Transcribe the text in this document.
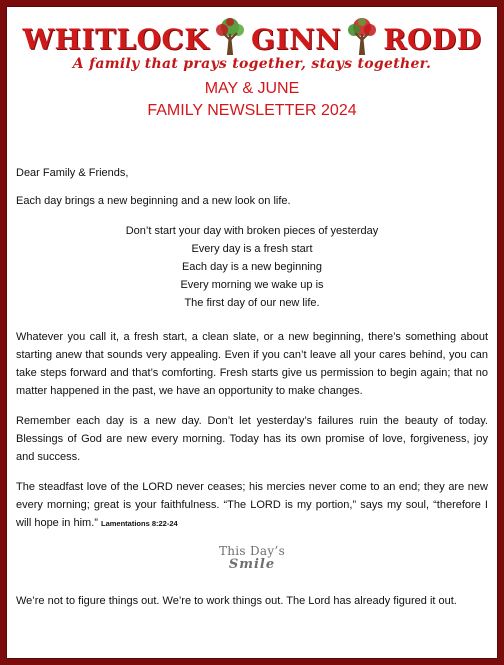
WHITLOCK GINN RODD
A family that prays together, stays together.
MAY & JUNE
FAMILY NEWSLETTER 2024

Dear Family & Friends,

Each day brings a new beginning and a new look on life.

Don’t start your day with broken pieces of yesterday
Every day is a fresh start
Each day is a new beginning
Every morning we wake up is
The first day of our new life.

Whatever you call it, a fresh start, a clean slate, or a new beginning, there’s something about starting anew that sounds very appealing. Even if you can’t leave all your cares behind, you can take steps forward and that’s comforting. Fresh starts give us permission to begin again; that no matter happened in the past, we have an opportunity to make changes.

Remember each day is a new day. Don’t let yesterday’s failures ruin the beauty of today. Blessings of God are new every morning. Today has its own promise of love, forgiveness, joy and success.

The steadfast love of the LORD never ceases; his mercies never come to an end; they are new every morning; great is your faithfulness. “The LORD is my portion,” says my soul, “therefore I will hope in him.” Lamentations 8:22-24

This Day’s
Smile

We’re not to figure things out. We’re to work things out. The Lord has already figured it out.
